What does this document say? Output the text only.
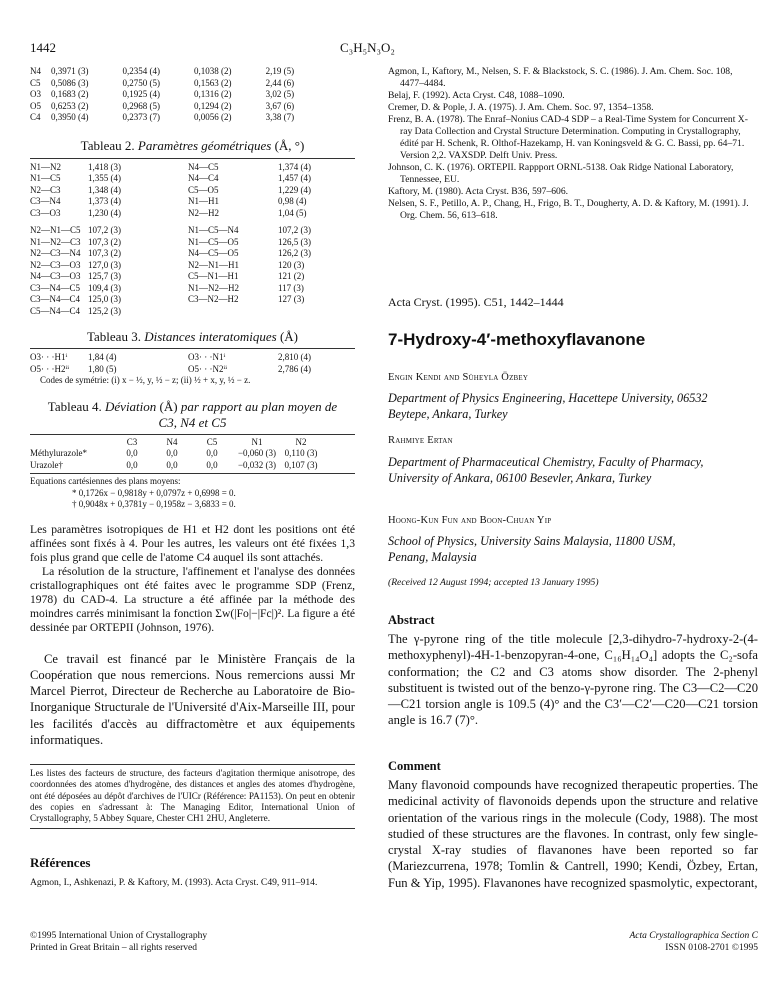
1442	C₃H₅N₃O₂
N4	0,3971 (3)	0,2354 (4)	0,1038 (2)	2,19 (5)
C5	0,5086 (3)	0,2750 (5)	0,1563 (2)	2,44 (6)
O3	0,1683 (2)	0,1925 (4)	0,1316 (2)	3,02 (5)
O5	0,6253 (2)	0,2968 (5)	0,1294 (2)	3,67 (6)
C4	0,3950 (4)	0,2373 (7)	0,0056 (2)	3,38 (7)
Tableau 2. Paramètres géométriques (Å, °)
N1—N2	1,418 (3)	N4—C5	1,374 (4)
N1—C5	1,355 (4)	N4—C4	1,457 (4)
N2—C3	1,348 (4)	C5—O5	1,229 (4)
C3—N4	1,373 (4)	N1—H1	0,98 (4)
C3—O3	1,230 (4)	N2—H2	1,04 (5)
N2—N1—C5	107,2 (3)	N1—C5—N4	107,2 (3)
N1—N2—C3	107,3 (2)	N1—C5—O5	126,5 (3)
N2—C3—N4	107,3 (2)	N4—C5—O5	126,2 (3)
N2—C3—O3	127,0 (3)	N2—N1—H1	120 (3)
N4—C3—O3	125,7 (3)	C5—N1—H1	121 (2)
C3—N4—C5	109,4 (3)	N1—N2—H2	117 (3)
C3—N4—C4	125,0 (3)	C3—N2—H2	127 (3)
C5—N4—C4	125,2 (3)		
Tableau 3. Distances interatomiques (Å)
O3· · ·H1ⁱ	1,84 (4)	O3· · ·N1ⁱ	2,810 (4)
O5· · ·H2ⁱⁱ	1,80 (5)	O5· · ·N2ⁱⁱ	2,786 (4)
Codes de symétrie: (i) x − ½, y, ½ − z; (ii) ½ + x, y, ½ − z.
Tableau 4. Déviation (Å) par rapport au plan moyen de
C3, N4 et C5
	C3	N4	C5	N1	N2
Méthylurazole*	0,0	0,0	0,0	−0,060 (3)	0,110 (3)
Urazole†	0,0	0,0	0,0	−0,032 (3)	0,107 (3)
Equations cartésiennes des plans moyens:
* 0,1726x − 0,9818y + 0,0797z + 0,6998 = 0.
† 0,9048x + 0,3781y − 0,1958z − 3,6833 = 0.

Les paramètres isotropiques de H1 et H2 dont les positions ont été affinées sont fixés à 4. Pour les autres, les valeurs ont été fixées 1,3 fois plus grand que celle de l'atome C4 auquel ils sont attachés.

La résolution de la structure, l'affinement et l'analyse des données cristallographiques ont été faites avec le programme SDP (Frenz, 1978) du CAD-4. La structure a été affinée par la méthode des moindres carrés minimisant la fonction Σw(|Fo|−|Fc|)². La figure a été dessinée par ORTEPII (Johnson, 1976).

Ce travail est financé par le Ministère Français de la Coopération que nous remercions. Nous remercions aussi Mr Marcel Pierrot, Directeur de Recherche au Laboratoire de Bio-Inorganique Structurale de l'Université d'Aix-Marseille III, pour les facilités d'accès au diffractomètre et aux équipements informatiques.

Les listes des facteurs de structure, des facteurs d'agitation thermique anisotrope, des coordonnées des atomes d'hydrogène, des distances et angles des atomes d'hydrogène, ont été déposées au dépôt d'archives de l'UICr (Référence: PA1153). On peut en obtenir des copies en s'adressant à: The Managing Editor, International Union of Crystallography, 5 Abbey Square, Chester CH1 2HU, Angleterre.
Références

Agmon, I., Ashkenazi, P. & Kaftory, M. (1993). Acta Cryst. C49, 911–914.

©1995 International Union of Crystallography
Printed in Great Britain – all rights reserved

Agmon, I., Kaftory, M., Nelsen, S. F. & Blackstock, S. C. (1986). J. Am. Chem. Soc. 108, 4477–4484.

Belaj, F. (1992). Acta Cryst. C48, 1088–1090.

Cremer, D. & Pople, J. A. (1975). J. Am. Chem. Soc. 97, 1354–1358.

Frenz, B. A. (1978). The Enraf–Nonius CAD-4 SDP – a Real-Time System for Concurrent X-ray Data Collection and Crystal Structure Determination. Computing in Crystallography, édité par H. Schenk, R. Olthof-Hazekamp, H. van Koningsveld & G. C. Bassi, pp. 64–71. Version 2,2. VAXSDP. Delft Univ. Press.

Johnson, C. K. (1976). ORTEPII. Rappport ORNL-5138. Oak Ridge National Laboratory, Tennessee, EU.

Kaftory, M. (1980). Acta Cryst. B36, 597–606.

Nelsen, S. F., Petillo, A. P., Chang, H., Frigo, B. T., Dougherty, A. D. & Kaftory, M. (1991). J. Org. Chem. 56, 613–618.

Acta Cryst. (1995). C51, 1442–1444
7-Hydroxy-4′-methoxyflavanone
Engin Kendi and Süheyla Özbey
Department of Physics Engineering, Hacettepe University, 06532 Beytepe, Ankara, Turkey
Rahmiye Ertan
Department of Pharmaceutical Chemistry, Faculty of Pharmacy, University of Ankara, 06100 Besevler, Ankara, Turkey
Hoong-Kun Fun and Boon-Chuan Yip
School of Physics, University Sains Malaysia, 11800 USM, Penang, Malaysia
(Received 12 August 1994; accepted 13 January 1995)
Abstract
The γ-pyrone ring of the title molecule [2,3-dihydro-7-hydroxy-2-(4-methoxyphenyl)-4H-1-benzopyran-4-one, C₁₆H₁₄O₄] adopts the C₂-sofa conformation; the C2 and C3 atoms show disorder. The 2-phenyl substituent is twisted out of the benzo-γ-pyrone ring. The C3—C2—C20—C21 torsion angle is 109.5 (4)° and the C3′—C2′—C20—C21 torsion angle is 16.7 (7)°.
Comment
Many flavonoid compounds have recognized therapeutic properties. The medicinal activity of flavonoids depends upon the structure and relative orientation of the various rings in the molecule (Cody, 1988). The most studied of these structures are the flavones. In contrast, only few single-crystal X-ray studies of flavanones have been reported so far (Mariezcurrena, 1978; Tomlin & Cantrell, 1990; Kendi, Özbey, Ertan, Fun & Yip, 1995). Flavanones have recognized spasmolytic, expectorant,
Acta Crystallographica Section C
ISSN 0108-2701 ©1995
